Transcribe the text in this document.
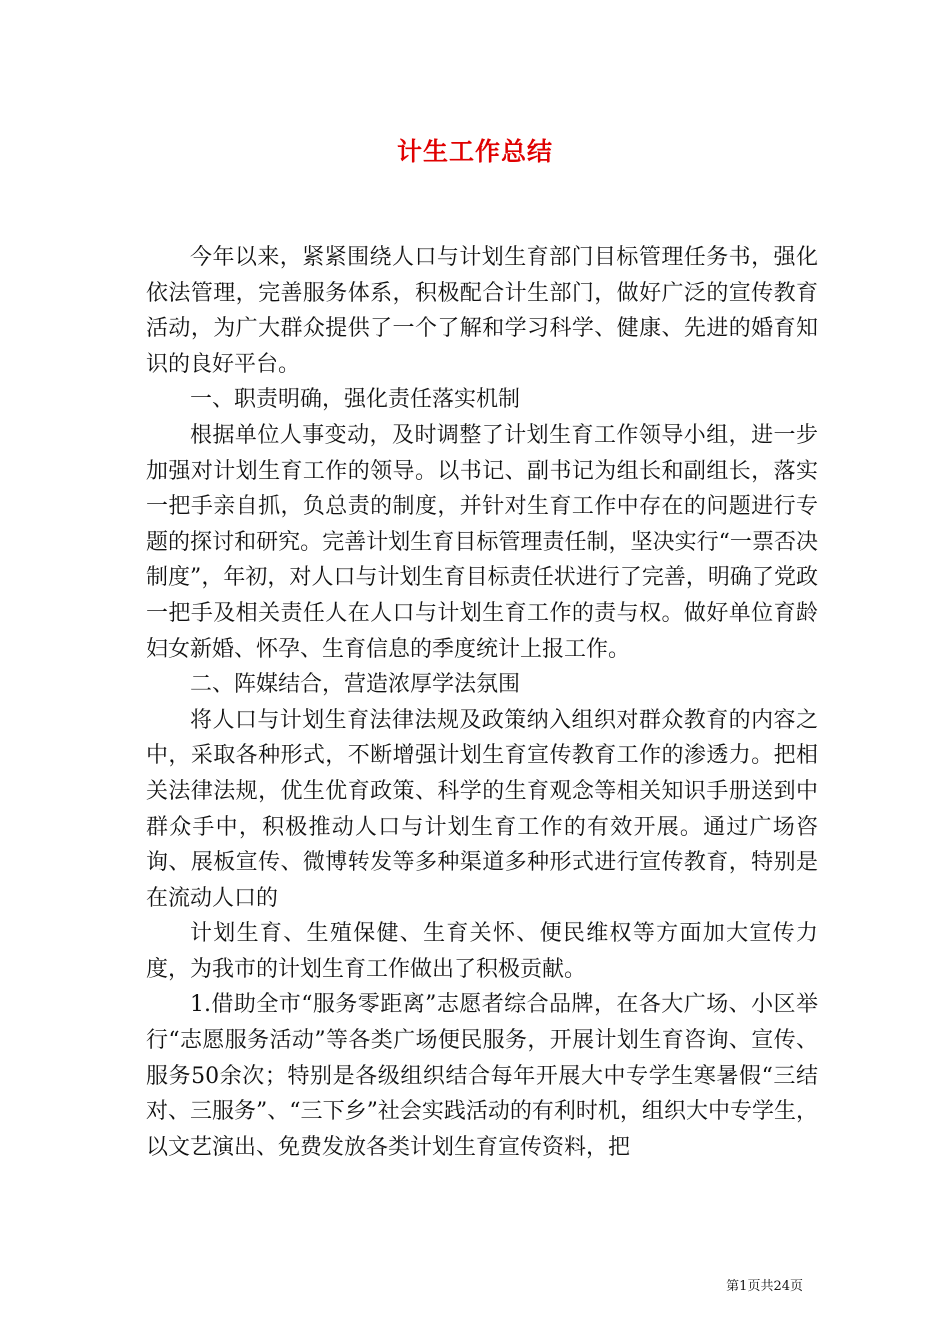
计生工作总结

今年以来，紧紧围绕人口与计划生育部门目标管理任务书，强化依法管理，完善服务体系，积极配合计生部门，做好广泛的宣传教育活动，为广大群众提供了一个了解和学习科学、健康、先进的婚育知识的良好平台。

一、职责明确，强化责任落实机制

根据单位人事变动，及时调整了计划生育工作领导小组，进一步加强对计划生育工作的领导。以书记、副书记为组长和副组长，落实一把手亲自抓，负总责的制度，并针对生育工作中存在的问题进行专题的探讨和研究。完善计划生育目标管理责任制，坚决实行“一票否决制度”，年初，对人口与计划生育目标责任状进行了完善，明确了党政一把手及相关责任人在人口与计划生育工作的责与权。做好单位育龄妇女新婚、怀孕、生育信息的季度统计上报工作。

二、阵媒结合，营造浓厚学法氛围

将人口与计划生育法律法规及政策纳入组织对群众教育的内容之中，采取各种形式，不断增强计划生育宣传教育工作的渗透力。把相关法律法规，优生优育政策、科学的生育观念等相关知识手册送到中群众手中，积极推动人口与计划生育工作的有效开展。通过广场咨询、展板宣传、微博转发等多种渠道多种形式进行宣传教育，特别是在流动人口的

计划生育、生殖保健、生育关怀、便民维权等方面加大宣传力度，为我市的计划生育工作做出了积极贡献。

1.借助全市“服务零距离”志愿者综合品牌，在各大广场、小区举行“志愿服务活动”等各类广场便民服务，开展计划生育咨询、宣传、服务50余次；特别是各级组织结合每年开展大中专学生寒暑假“三结对、三服务”、“三下乡”社会实践活动的有利时机，组织大中专学生，以文艺演出、免费发放各类计划生育宣传资料，把

第1页共24页
